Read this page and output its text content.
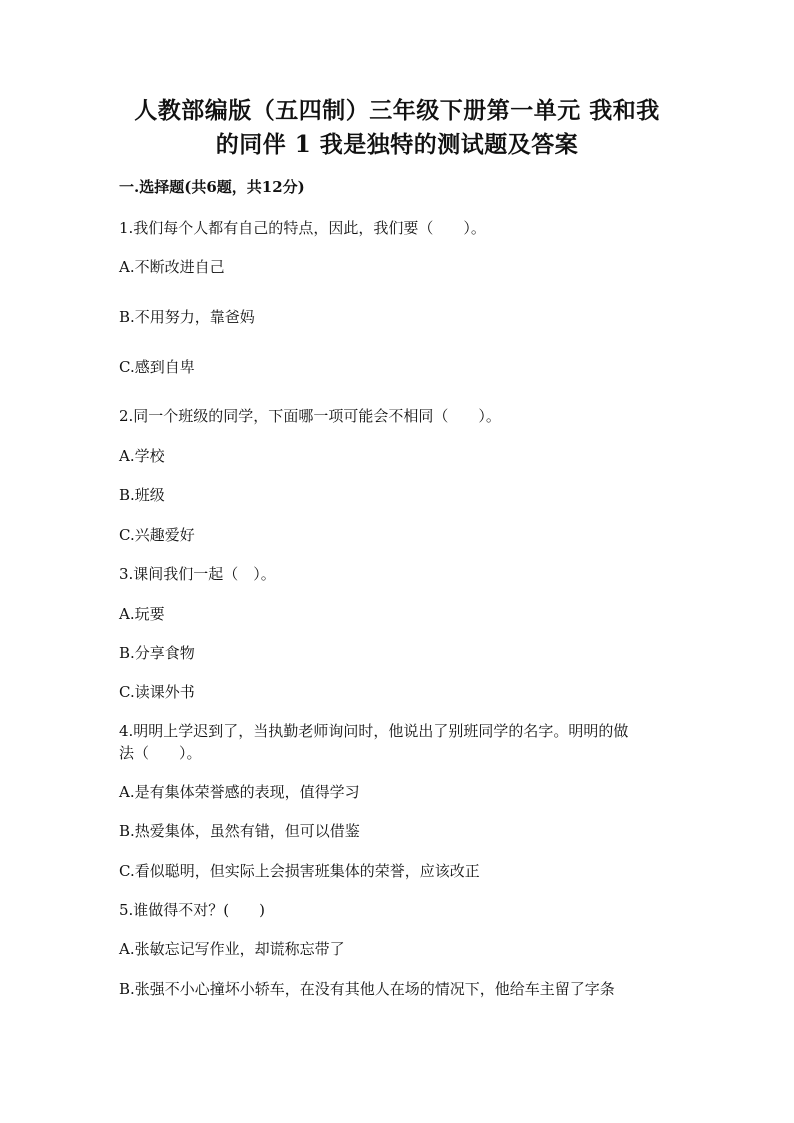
人教部编版（五四制）三年级下册第一单元 我和我
的同伴 1 我是独特的测试题及答案
一.选择题(共6题，共12分)
1.我们每个人都有自己的特点，因此，我们要（　　）。
A.不断改进自己
B.不用努力，靠爸妈
C.感到自卑
2.同一个班级的同学，下面哪一项可能会不相同（　　）。
A.学校
B.班级
C.兴趣爱好
3.课间我们一起（　）。
A.玩要
B.分享食物
C.读课外书
4.明明上学迟到了，当执勤老师询问时，他说出了别班同学的名字。明明的做
法（　　）。
A.是有集体荣誉感的表现，值得学习
B.热爱集体，虽然有错，但可以借鉴
C.看似聪明，但实际上会损害班集体的荣誉，应该改正
5.谁做得不对？(　　)
A.张敏忘记写作业，却谎称忘带了
B.张强不小心撞坏小轿车，在没有其他人在场的情况下，他给车主留了字条
